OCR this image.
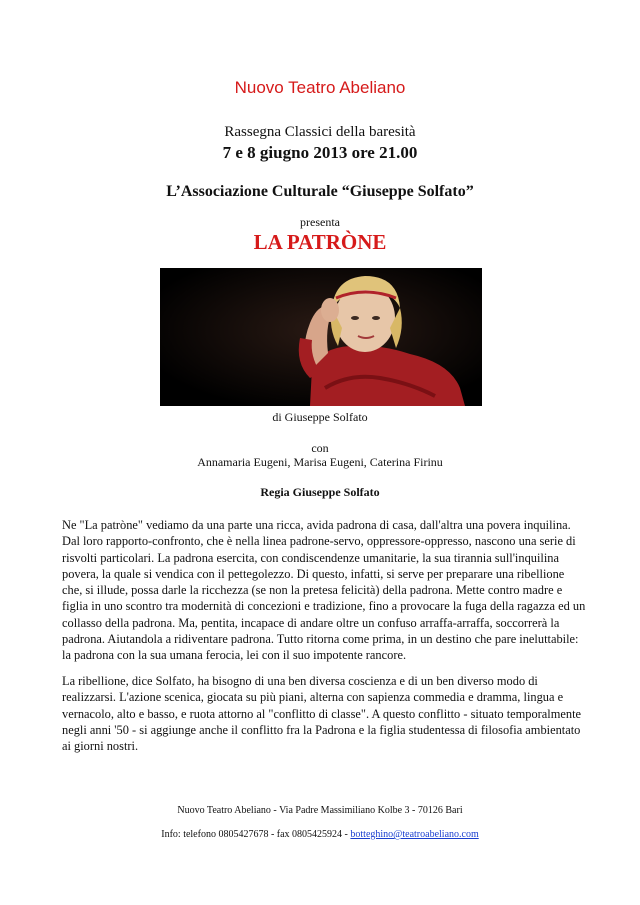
Nuovo Teatro Abeliano
Rassegna Classici della baresità
7 e 8 giugno 2013 ore 21.00
L’Associazione Culturale “Giuseppe Solfato”
presenta
LA PATRÒNE
di Giuseppe Solfato
con
Annamaria Eugeni, Marisa Eugeni, Caterina Firinu
Regia Giuseppe Solfato

Ne "La patròne" vediamo da una parte una ricca, avida padrona di casa, dall'altra una povera inquilina. Dal loro rapporto-confronto, che è nella linea padrone-servo, oppressore-oppresso, nascono una serie di risvolti particolari. La padrona esercita, con condiscendenze umanitarie, la sua tirannia sull'inquilina povera, la quale si vendica con il pettegolezzo. Di questo, infatti, si serve per preparare una ribellione che, si illude, possa darle la ricchezza (se non la pretesa felicità) della padrona. Mette contro madre e figlia in uno scontro tra modernità di concezioni e tradizione, fino a provocare la fuga della ragazza ed un collasso della padrona. Ma, pentita, incapace di andare oltre un confuso arraffa-arraffa, soccorrerà la padrona. Aiutandola a ridiventare padrona. Tutto ritorna come prima, in un destino che pare ineluttabile: la padrona con la sua umana ferocia, lei con il suo impotente rancore.

La ribellione, dice Solfato, ha bisogno di una ben diversa coscienza e di un ben diverso modo di realizzarsi. L'azione scenica, giocata su più piani, alterna con sapienza commedia e dramma, lingua e vernacolo, alto e basso, e ruota attorno al "conflitto di classe". A questo conflitto - situato temporalmente negli anni '50 - si aggiunge anche il conflitto fra la Padrona e la figlia studentessa di filosofia ambientato ai giorni nostri.

Nuovo Teatro Abeliano - Via Padre Massimiliano Kolbe 3 - 70126 Bari
Info: telefono 0805427678 - fax 0805425924 - botteghino@teatroabeliano.com
